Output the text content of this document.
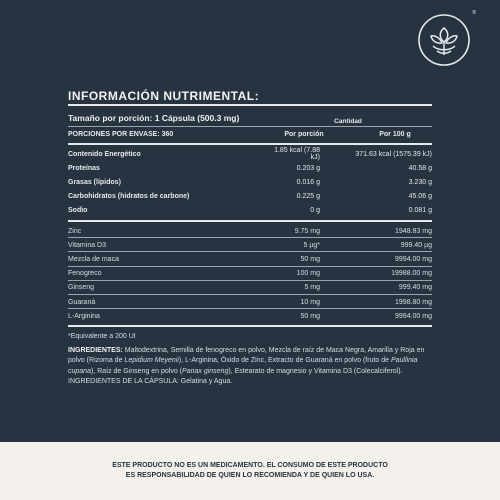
®
INFORMACIÓN NUTRIMENTAL:
Tamaño por porción: 1 Cápsula (500.3 mg)	Cantidad
PORCIONES POR ENVASE: 360	Por porción	Por 100 g
Contenido Energético	1.85 kcal (7.88 kJ)	371.63 kcal (1575.39 kJ)
Proteínas	0.203 g	40.58 g
Grasas (lípidos)	0.016 g	3.230 g
Carbohidratos (hidratos de carbone)	0.225 g	45.06 g
Sodio	0 g	0.081 g
Zinc	9.75 mg	1948.83 mg
Vitamina D3	5 µg*	999.40 µg
Mezcla de maca	50 mg	9994.00 mg
Fenogreco	100 mg	19988.00 mg
Ginseng	5 mg	999.40 mg
Guaraná	10 mg	1998.80 mg
L-Arginina	50 mg	9994.00 mg
*Equivalente a 200 UI
INGREDIENTES: Maltodextrina, Semilla de fenogreco en polvo, Mezcla de raíz de Maca Negra, Amarilla y Roja en polvo (Rizoma de Lepidium Meyenii), L-Arginina, Óxido de Zinc, Extracto de Guaraná en polvo (fruto de Paullinia cupana), Raíz de Ginseng en polvo (Panax ginseng), Estearato de magnesio y Vitamina D3 (Colecalciferol). INGREDIENTES DE LA CÁPSULA: Gelatina y Agua.
ESTE PRODUCTO NO ES UN MEDICAMENTO. EL CONSUMO DE ESTE PRODUCTO
ES RESPONSABILIDAD DE QUIEN LO RECOMIENDA Y DE QUIEN LO USA.
